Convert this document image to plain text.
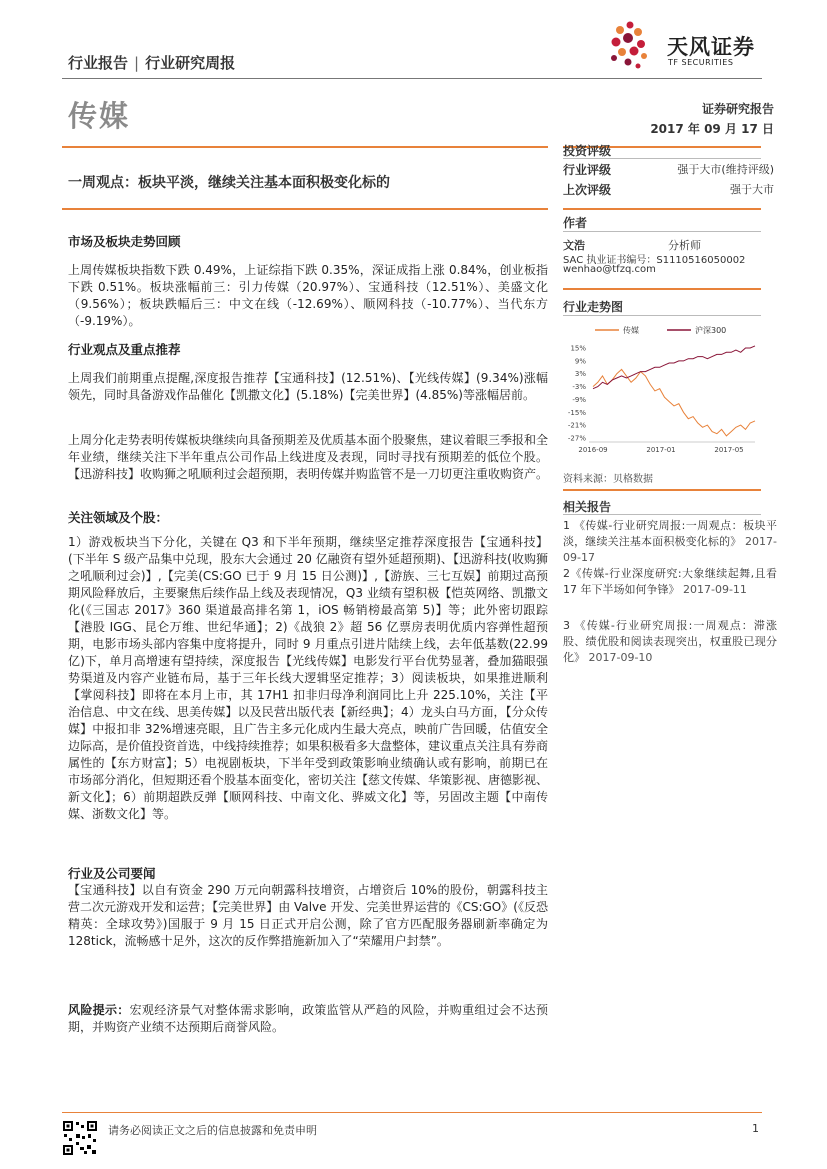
行业报告 | 行业研究周报
天风证券
TF SECURITIES
传媒	证券研究报告
2017 年 09 月 17 日
一周观点：板块平淡，继续关注基本面积极变化标的
市场及板块走势回顾
上周传媒板块指数下跌 0.49%，上证综指下跌 0.35%，深证成指上涨 0.84%，创业板指下跌 0.51%。板块涨幅前三：引力传媒（20.97%）、宝通科技（12.51%）、美盛文化（9.56%）；板块跌幅后三：中文在线（-12.69%）、顺网科技（-10.77%）、当代东方（-9.19%）。
行业观点及重点推荐
上周我们前期重点提醒,深度报告推荐【宝通科技】(12.51%)、【光线传媒】(9.34%)涨幅领先，同时具备游戏作品催化【凯撒文化】(5.18%)【完美世界】(4.85%)等涨幅居前。
上周分化走势表明传媒板块继续向具备预期差及优质基本面个股聚焦，建议着眼三季报和全年业绩，继续关注下半年重点公司作品上线进度及表现，同时寻找有预期差的低位个股。【迅游科技】收购狮之吼顺利过会超预期，表明传媒并购监管不是一刀切更注重收购资产。
关注领域及个股：
1）游戏板块当下分化，关键在 Q3 和下半年预期，继续坚定推荐深度报告【宝通科技】(下半年 S 级产品集中兑现，股东大会通过 20 亿融资有望外延超预期)、【迅游科技(收购狮之吼顺利过会)】,【完美(CS:GO 已于 9 月 15 日公测)】,【游族、三七互娱】前期过高预期风险释放后，主要聚焦后续作品上线及表现情况，Q3 业绩有望积极【恺英网络、凯撒文化(《三国志 2017》360 渠道最高排名第 1，iOS 畅销榜最高第 5)】等；此外密切跟踪【港股 IGG、昆仑万维、世纪华通】；2)《战狼 2》超 56 亿票房表明优质内容弹性超预期，电影市场头部内容集中度将提升，同时 9 月重点引进片陆续上线，去年低基数(22.99 亿)下，单月高增速有望持续，深度报告【光线传媒】电影发行平台优势显著，叠加猫眼强势渠道及内容产业链布局，基于三年长线大逻辑坚定推荐；3）阅读板块，如果推进顺利【掌阅科技】即将在本月上市，其 17H1 扣非归母净利润同比上升 225.10%，关注【平治信息、中文在线、思美传媒】以及民营出版代表【新经典】；4）龙头白马方面，【分众传媒】中报扣非 32%增速亮眼，且广告主多元化成内生最大亮点，映前广告回暖，估值安全边际高，是价值投资首选，中线持续推荐；如果积极看多大盘整体，建议重点关注具有券商属性的【东方财富】；5）电视剧板块，下半年受到政策影响业绩确认或有影响，前期已在市场部分消化，但短期还看个股基本面变化，密切关注【慈文传媒、华策影视、唐德影视、新文化】；6）前期超跌反弹【顺网科技、中南文化、骅威文化】等，另固改主题【中南传媒、浙数文化】等。
行业及公司要闻
【宝通科技】以自有资金 290 万元向朝露科技增资，占增资后 10%的股份，朝露科技主营二次元游戏开发和运营；【完美世界】由 Valve 开发、完美世界运营的《CS:GO》(《反恐精英：全球攻势》)国服于 9 月 15 日正式开启公测，除了官方匹配服务器刷新率确定为 128tick，流畅感十足外，这次的反作弊措施新加入了“荣耀用户封禁”。
风险提示：宏观经济景气对整体需求影响，政策监管从严趋的风险，并购重组过会不达预期，并购资产业绩不达预期后商誉风险。
投资评级
行业评级	强于大市(维持评级)
上次评级	强于大市
作者
文浩	分析师
SAC 执业证书编号：S1110516050002
wenhao@tfzq.com
行业走势图
传媒	沪深300
15%
9%
3%
-3%
-9%
-15%
-21%
-27%
2016-09	2017-01	2017-05
资料来源：贝格数据
相关报告
1 《传媒-行业研究周报:一周观点：板块平淡，继续关注基本面积极变化标的》 2017-09-17
2《传媒-行业深度研究:大象继续起舞,且看 17 年下半场如何争锋》 2017-09-11
3 《传媒-行业研究周报:一周观点：滞涨股、绩优股和阅读表现突出，权重股已现分化》 2017-09-10
请务必阅读正文之后的信息披露和免责申明	1
